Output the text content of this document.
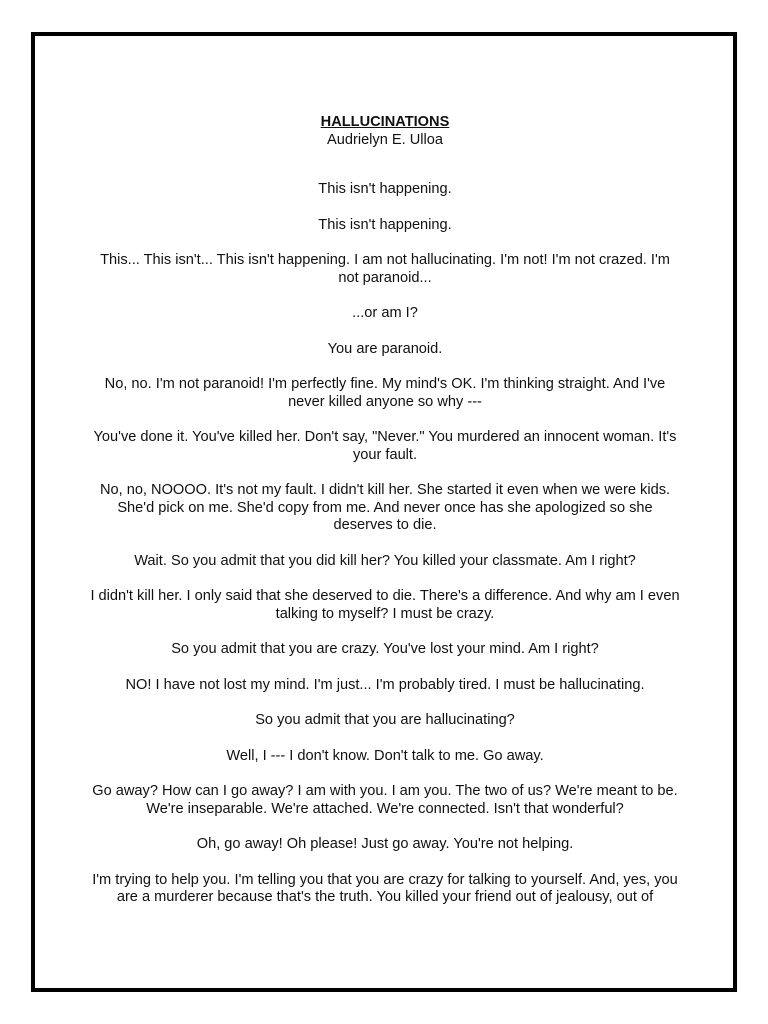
HALLUCINATIONS

Audrielyn E. Ulloa

This isn't happening.

This isn't happening.

This... This isn't... This isn't happening. I am not hallucinating. I'm not! I'm not crazed. I'm not paranoid...

...or am I?

You are paranoid.

No, no. I'm not paranoid! I'm perfectly fine. My mind's OK. I'm thinking straight. And I've never killed anyone so why ---

You've done it. You've killed her. Don't say, "Never." You murdered an innocent woman. It's your fault.

No, no, NOOOO. It's not my fault. I didn't kill her. She started it even when we were kids. She'd pick on me. She'd copy from me. And never once has she apologized so she deserves to die.

Wait. So you admit that you did kill her? You killed your classmate. Am I right?

I didn't kill her. I only said that she deserved to die. There's a difference. And why am I even talking to myself? I must be crazy.

So you admit that you are crazy. You've lost your mind. Am I right?

NO! I have not lost my mind. I'm just... I'm probably tired. I must be hallucinating.

So you admit that you are hallucinating?

Well, I --- I don't know. Don't talk to me. Go away.

Go away? How can I go away? I am with you. I am you. The two of us? We're meant to be. We're inseparable. We're attached. We're connected. Isn't that wonderful?

Oh, go away! Oh please! Just go away. You're not helping.

I'm trying to help you. I'm telling you that you are crazy for talking to yourself. And, yes, you are a murderer because that's the truth. You killed your friend out of jealousy, out of
